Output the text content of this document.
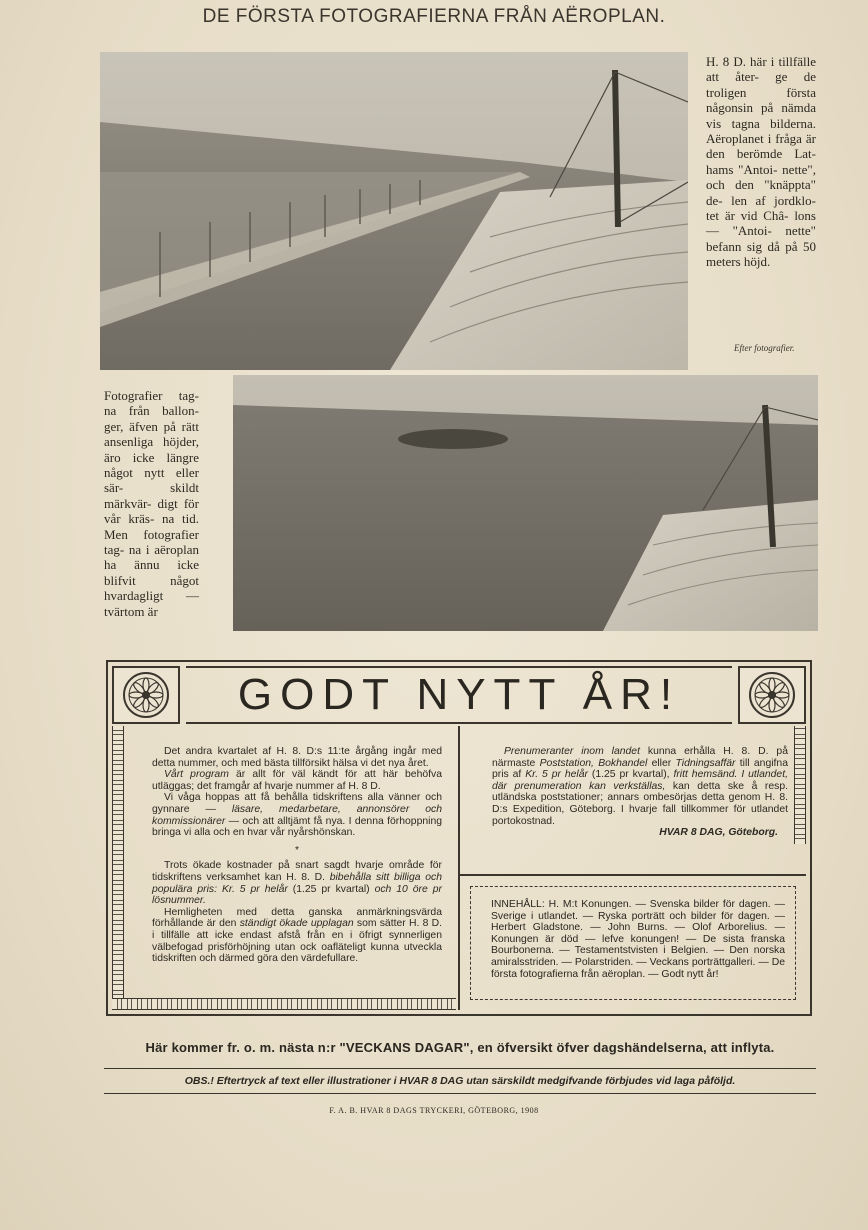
DE FÖRSTA FOTOGRAFIERNA FRÅN AËROPLAN.
H. 8 D. här i tillfälle att åter- ge de troligen första någonsin på nämda vis tagna bilderna. Aëroplanet i fråga är den berömde Lat- hams "Antoi- nette", och den "knäppta" de- len af jordklo- tet är vid Châ- lons — "Antoi- nette" befann sig då på 50 meters höjd.
Efter fotografier.
Fotografier tag- na från ballon- ger, äfven på rätt ansenliga höjder, äro icke längre något nytt eller sär- skildt märkvär- digt för vår kräs- na tid. Men fotografier tag- na i aëroplan ha ännu icke blifvit något hvardagligt — tvärtom är
GODT NYTT ÅR!

Det andra kvartalet af H. 8. D:s 11:te årgång ingår med detta nummer, och med bästa tillförsikt hälsa vi det nya året.

Vårt program är allt för väl kändt för att här behöfva utläggas; det framgår af hvarje nummer af H. 8 D.

Vi våga hoppas att få behålla tidskriftens alla vänner och gynnare — läsare, medarbetare, annonsörer och kommissionärer — och att alltjämt få nya. I denna förhoppning bringa vi alla och en hvar vår nyårshönskan.

*

Trots ökade kostnader på snart sagdt hvarje område för tidskriftens verksamhet kan H. 8. D. bibehålla sitt billiga och populära pris: Kr. 5 pr helår (1.25 pr kvartal) och 10 öre pr lösnummer.

Hemligheten med detta ganska anmärkningsvärda förhållande är den ständigt ökade upplagan som sätter H. 8 D. i tillfälle att icke endast afstå från en i öfrigt synnerligen välbefogad prisförhöjning utan ock oafläteligt kunna utveckla tidskriften och därmed göra den värdefullare.

Prenumeranter inom landet kunna erhålla H. 8. D. på närmaste Poststation, Bokhandel eller Tidningsaffär till angifna pris af Kr. 5 pr helår (1.25 pr kvartal), fritt hemsänd. I utlandet, där prenumeration kan verkställas, kan detta ske å resp. utländska poststationer; annars ombesörjas detta genom H. 8. D:s Expedition, Göteborg. I hvarje fall tillkommer för utlandet portokostnad.

HVAR 8 DAG, Göteborg.

INNEHÅLL: H. M:t Konungen. — Svenska bilder för dagen. — Sverige i utlandet. — Ryska porträtt och bilder för dagen. — Herbert Gladstone. — John Burns. — Olof Arborelius. — Konungen är död — lefve konungen! — De sista franska Bourbonerna. — Testamentstvisten i Belgien. — Den norska amiralsstriden. — Polarstriden. — Veckans porträttgalleri. — De första fotografierna från aëroplan. — Godt nytt år!
Här kommer fr. o. m. nästa n:r "VECKANS DAGAR", en öfversikt öfver dagshändelserna, att inflyta.
OBS.! Eftertryck af text eller illustrationer i HVAR 8 DAG utan särskildt medgifvande förbjudes vid laga påföljd.
F. A. B. HVAR 8 DAGS TRYCKERI, GÖTEBORG, 1908
